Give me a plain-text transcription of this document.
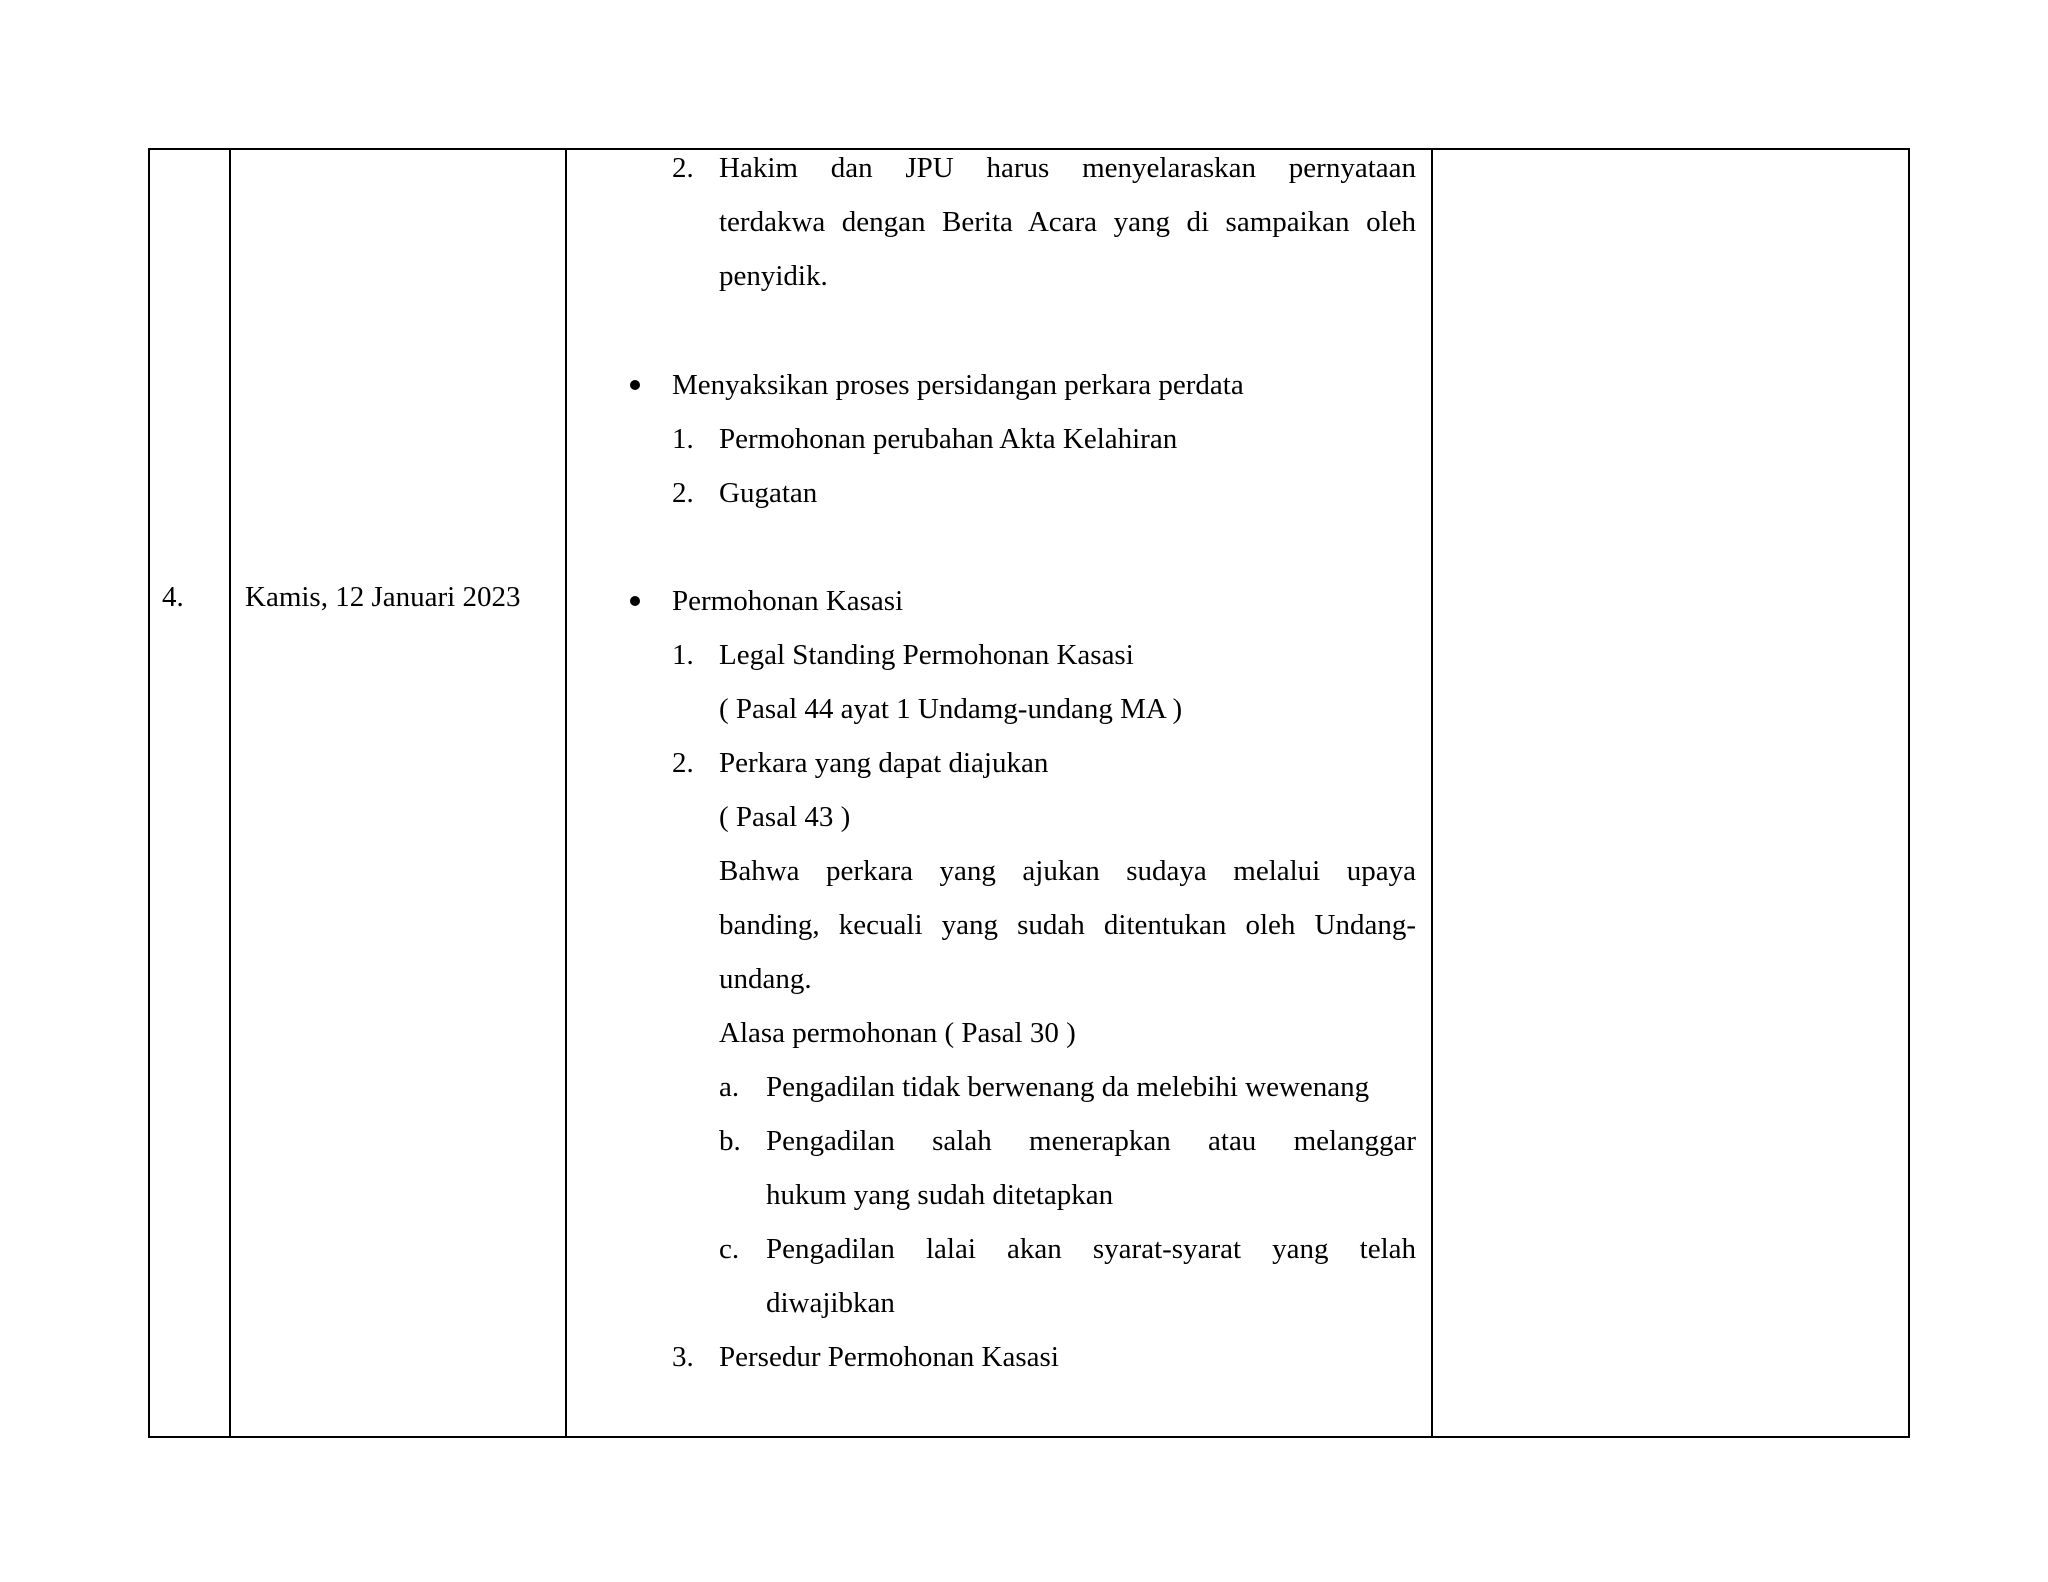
4. Kamis, 12 Januari 2023
2. Hakim dan JPU harus menyelaraskan pernyataan
terdakwa dengan Berita Acara yang di sampaikan oleh
penyidik.
Menyaksikan proses persidangan perkara perdata
1. Permohonan perubahan Akta Kelahiran
2. Gugatan
Permohonan Kasasi
1. Legal Standing Permohonan Kasasi
( Pasal 44 ayat 1 Undamg-undang MA )
2. Perkara yang dapat diajukan
( Pasal 43 )
Bahwa perkara yang ajukan sudaya melalui upaya
banding, kecuali yang sudah ditentukan oleh Undang-
undang.
Alasa permohonan ( Pasal 30 )
a. Pengadilan tidak berwenang da melebihi wewenang
b. Pengadilan salah menerapkan atau melanggar
hukum yang sudah ditetapkan
c. Pengadilan lalai akan syarat-syarat yang telah
diwajibkan
3. Persedur Permohonan Kasasi
